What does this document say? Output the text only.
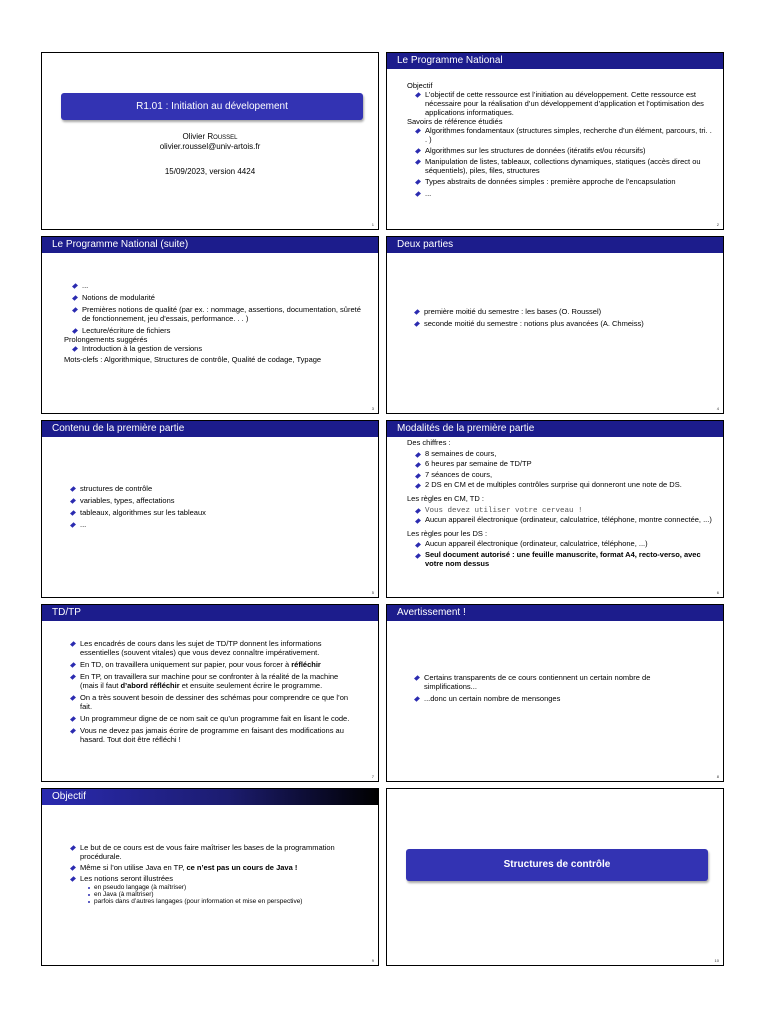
R1.01 : Initiation au dévelopement
Olivier Roussel
olivier.roussel@univ-artois.fr
15/09/2023, version 4424
1
Le Programme National
Objectif
L’objectif de cette ressource est l’initiation au développement. Cette ressource est nécessaire pour la réalisation d’un développement d’application et l’optimisation des applications informatiques.
Savoirs de référence étudiés
Algorithmes fondamentaux (structures simples, recherche d’un élément, parcours, tri. . . )
Algorithmes sur les structures de données (itératifs et/ou récursifs)
Manipulation de listes, tableaux, collections dynamiques, statiques (accès direct ou séquentiels), piles, files, structures
Types abstraits de données simples : première approche de l’encapsulation
...
2
Le Programme National (suite)
...
Notions de modularité
Premières notions de qualité (par ex. : nommage, assertions, documentation, sûreté de fonctionnement, jeu d’essais, performance. . . )
Lecture/écriture de fichiers
Prolongements suggérés
Introduction à la gestion de versions
Mots-clefs : Algorithmique, Structures de contrôle, Qualité de codage, Typage
3
Deux parties
première moitié du semestre : les bases (O. Roussel)
seconde moitié du semestre : notions plus avancées (A. Chmeiss)
4
Contenu de la première partie
structures de contrôle
variables, types, affectations
tableaux, algorithmes sur les tableaux
...
5
Modalités de la première partie
Des chiffres :
8 semaines de cours,
6 heures par semaine de TD/TP
7 séances de cours,
2 DS en CM et de multiples contrôles surprise qui donneront une note de DS.
Les règles en CM, TD :
Vous devez utiliser votre cerveau !
Aucun appareil électronique (ordinateur, calculatrice, téléphone, montre connectée, ...)
Les règles pour les DS :
Aucun appareil électronique (ordinateur, calculatrice, téléphone, ...)
Seul document autorisé : une feuille manuscrite, format A4, recto-verso, avec votre nom dessus
6
TD/TP
Les encadrés de cours dans les sujet de TD/TP donnent les informations essentielles (souvent vitales) que vous devez connaître impérativement.
En TD, on travaillera uniquement sur papier, pour vous forcer à réfléchir
En TP, on travaillera sur machine pour se confronter à la réalité de la machine (mais il faut d’abord réfléchir et ensuite seulement écrire le programme.
On a très souvent besoin de dessiner des schémas pour comprendre ce que l’on fait.
Un programmeur digne de ce nom sait ce qu’un programme fait en lisant le code.
Vous ne devez pas jamais écrire de programme en faisant des modifications au hasard. Tout doit être réfléchi !
7
Avertissement !
Certains transparents de ce cours contiennent un certain nombre de simplifications...
...donc un certain nombre de mensonges
8
Objectif
Le but de ce cours est de vous faire maîtriser les bases de la programmation procédurale.
Même si l’on utilise Java en TP, ce n’est pas un cours de Java !
Les notions seront illustrées
en pseudo langage (à maîtriser)
en Java (à maîtriser)
parfois dans d’autres langages (pour information et mise en perspective)
9
Structures de contrôle
10
